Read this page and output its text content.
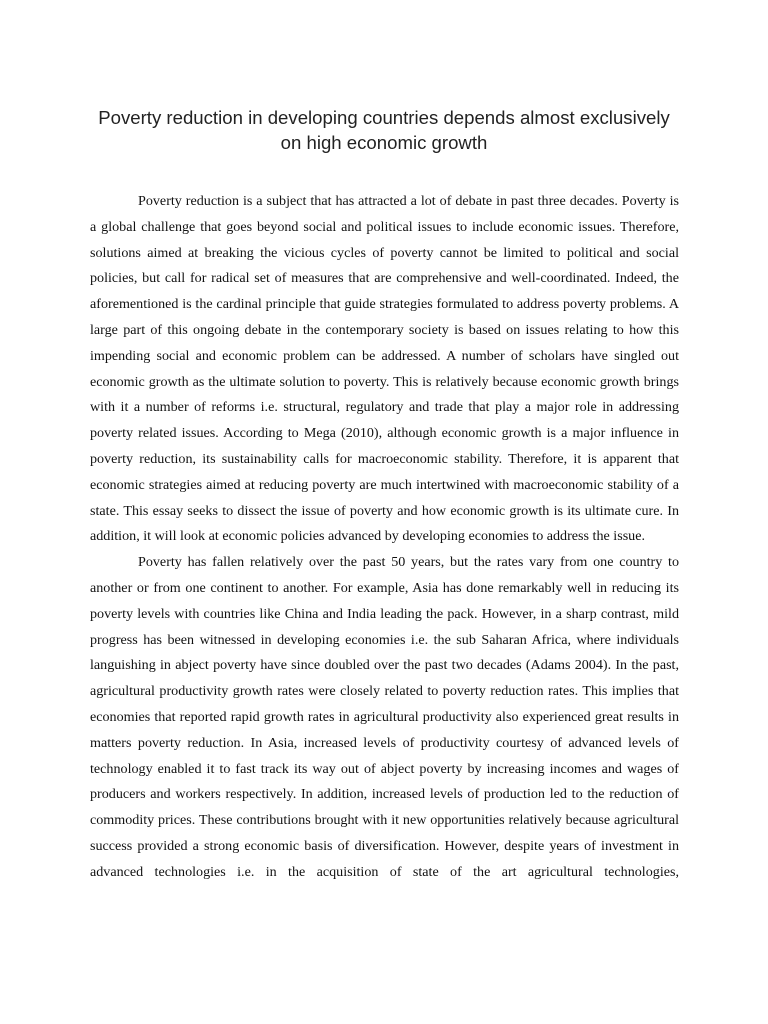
Poverty reduction in developing countries depends almost exclusively on high economic growth

Poverty reduction is a subject that has attracted a lot of debate in past three decades. Poverty is a global challenge that goes beyond social and political issues to include economic issues. Therefore, solutions aimed at breaking the vicious cycles of poverty cannot be limited to political and social policies, but call for radical set of measures that are comprehensive and well-coordinated. Indeed, the aforementioned is the cardinal principle that guide strategies formulated to address poverty problems. A large part of this ongoing debate in the contemporary society is based on issues relating to how this impending social and economic problem can be addressed. A number of scholars have singled out economic growth as the ultimate solution to poverty. This is relatively because economic growth brings with it a number of reforms i.e. structural, regulatory and trade that play a major role in addressing poverty related issues. According to Mega (2010), although economic growth is a major influence in poverty reduction, its sustainability calls for macroeconomic stability. Therefore, it is apparent that economic strategies aimed at reducing poverty are much intertwined with macroeconomic stability of a state. This essay seeks to dissect the issue of poverty and how economic growth is its ultimate cure. In addition, it will look at economic policies advanced by developing economies to address the issue.

Poverty has fallen relatively over the past 50 years, but the rates vary from one country to another or from one continent to another. For example, Asia has done remarkably well in reducing its poverty levels with countries like China and India leading the pack. However, in a sharp contrast, mild progress has been witnessed in developing economies i.e. the sub Saharan Africa, where individuals languishing in abject poverty have since doubled over the past two decades (Adams 2004). In the past, agricultural productivity growth rates were closely related to poverty reduction rates. This implies that economies that reported rapid growth rates in agricultural productivity also experienced great results in matters poverty reduction. In Asia, increased levels of productivity courtesy of advanced levels of technology enabled it to fast track its way out of abject poverty by increasing incomes and wages of producers and workers respectively. In addition, increased levels of production led to the reduction of commodity prices. These contributions brought with it new opportunities relatively because agricultural success provided a strong economic basis of diversification. However, despite years of investment in advanced technologies i.e. in the acquisition of state of the art agricultural technologies,
